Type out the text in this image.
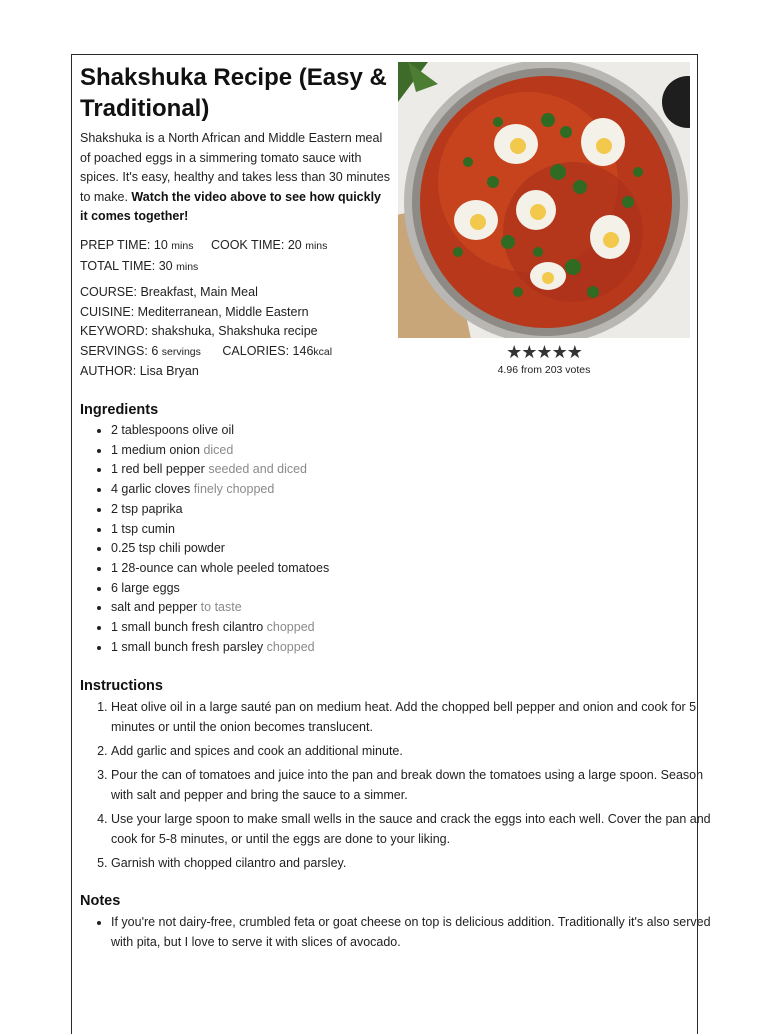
Shakshuka Recipe (Easy & Traditional)

Shakshuka is a North African and Middle Eastern meal of poached eggs in a simmering tomato sauce with spices. It's easy, healthy and takes less than 30 minutes to make. Watch the video above to see how quickly it comes together!

PREP TIME: 10 mins COOK TIME: 20 mins
TOTAL TIME: 30 mins
COURSE: Breakfast, Main Meal
CUISINE: Mediterranean, Middle Eastern
KEYWORD: shakshuka, Shakshuka recipe
SERVINGS: 6 servings CALORIES: 146kcal
AUTHOR: Lisa Bryan
★★★★★
4.96 from 203 votes
Ingredients
• 2 tablespoons olive oil
• 1 medium onion diced
• 1 red bell pepper seeded and diced
• 4 garlic cloves finely chopped
• 2 tsp paprika
• 1 tsp cumin
• 0.25 tsp chili powder
• 1 28-ounce can whole peeled tomatoes
• 6 large eggs
• salt and pepper to taste
• 1 small bunch fresh cilantro chopped
• 1 small bunch fresh parsley chopped
Instructions
1. Heat olive oil in a large sauté pan on medium heat. Add the chopped bell pepper and onion and cook for 5 minutes or until the onion becomes translucent.
2. Add garlic and spices and cook an additional minute.
3. Pour the can of tomatoes and juice into the pan and break down the tomatoes using a large spoon. Season with salt and pepper and bring the sauce to a simmer.
4. Use your large spoon to make small wells in the sauce and crack the eggs into each well. Cover the pan and cook for 5-8 minutes, or until the eggs are done to your liking.
5. Garnish with chopped cilantro and parsley.
Notes
• If you're not dairy-free, crumbled feta or goat cheese on top is delicious addition. Traditionally it's also served with pita, but I love to serve it with slices of avocado.
